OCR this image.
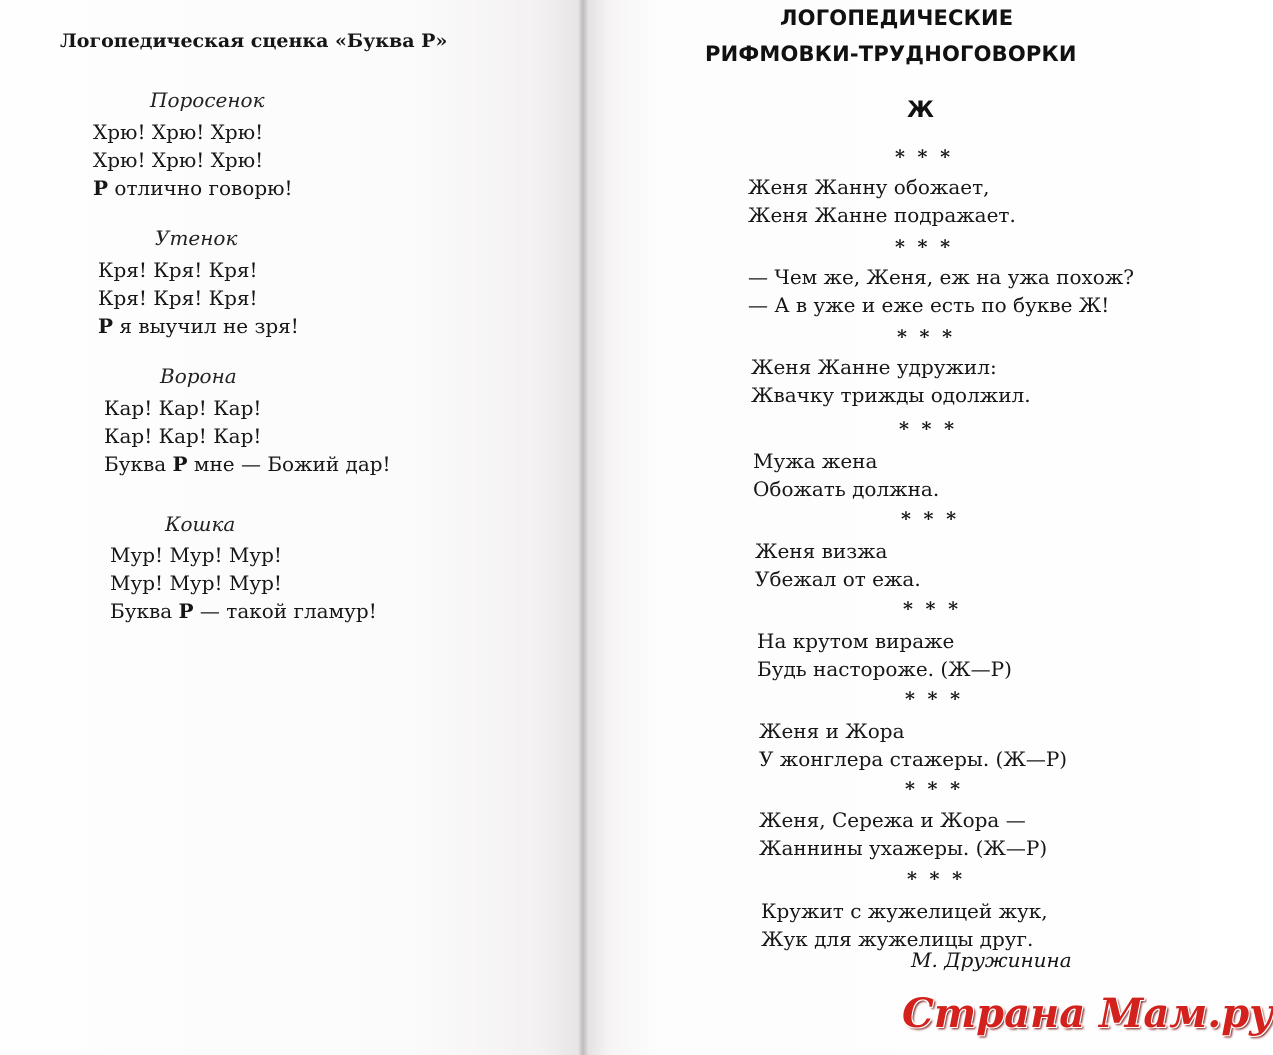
Логопедическая сценка «Буква Р»
Поросенок
Хрю! Хрю! Хрю!
Хрю! Хрю! Хрю!
Р отлично говорю!
Утенок
Кря! Кря! Кря!
Кря! Кря! Кря!
Р я выучил не зря!
Ворона
Кар! Кар! Кар!
Кар! Кар! Кар!
Буква Р мне — Божий дар!
Кошка
Мур! Мур! Мур!
Мур! Мур! Мур!
Буква Р — такой гламур!
ЛОГОПЕДИЧЕСКИЕ
РИФМОВКИ-ТРУДНОГОВОРКИ
Ж
* * *
Женя Жанну обожает,
Женя Жанне подражает.
* * *
— Чем же, Женя, еж на ужа похож?
— А в уже и еже есть по букве Ж!
* * *
Женя Жанне удружил:
Жвачку трижды одолжил.
* * *
Мужа жена
Обожать должна.
* * *
Женя визжа
Убежал от ежа.
* * *
На крутом вираже
Будь настороже. (Ж—Р)
* * *
Женя и Жора
У жонглера стажеры. (Ж—Р)
* * *
Женя, Сережа и Жора —
Жаннины ухажеры. (Ж—Р)
* * *
Кружит с жужелицей жук,
Жук для жужелицы друг.
М. Дружинина
Страна Мам.ру
